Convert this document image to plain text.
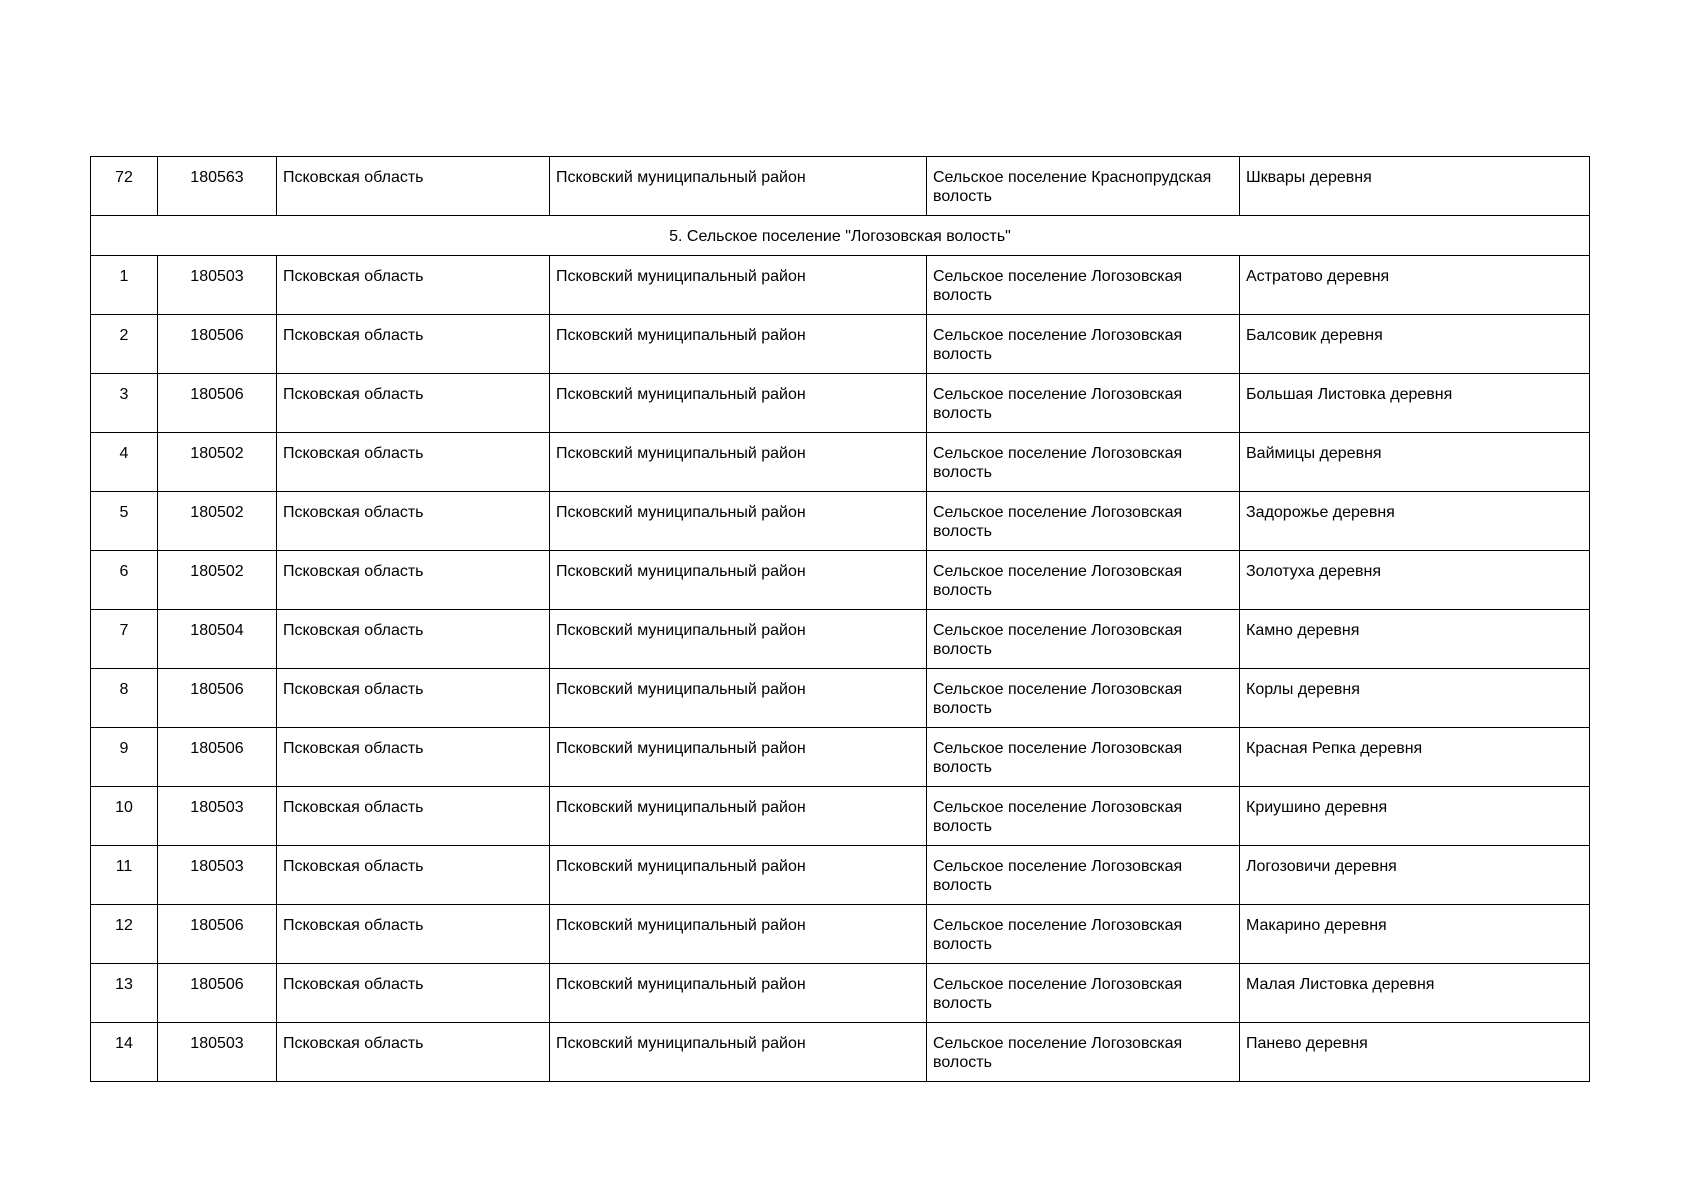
72	180563	Псковская область	Псковский муниципальный район	Сельское поселение Краснопрудская волость	Шквары деревня
5. Сельское поселение "Логозовская волость"					
1	180503	Псковская область	Псковский муниципальный район	Сельское поселение Логозовская волость	Астратово деревня
2	180506	Псковская область	Псковский муниципальный район	Сельское поселение Логозовская волость	Балсовик деревня
3	180506	Псковская область	Псковский муниципальный район	Сельское поселение Логозовская волость	Большая Листовка деревня
4	180502	Псковская область	Псковский муниципальный район	Сельское поселение Логозовская волость	Ваймицы деревня
5	180502	Псковская область	Псковский муниципальный район	Сельское поселение Логозовская волость	Задорожье деревня
6	180502	Псковская область	Псковский муниципальный район	Сельское поселение Логозовская волость	Золотуха деревня
7	180504	Псковская область	Псковский муниципальный район	Сельское поселение Логозовская волость	Камно деревня
8	180506	Псковская область	Псковский муниципальный район	Сельское поселение Логозовская волость	Корлы деревня
9	180506	Псковская область	Псковский муниципальный район	Сельское поселение Логозовская волость	Красная Репка деревня
10	180503	Псковская область	Псковский муниципальный район	Сельское поселение Логозовская волость	Криушино деревня
11	180503	Псковская область	Псковский муниципальный район	Сельское поселение Логозовская волость	Логозовичи деревня
12	180506	Псковская область	Псковский муниципальный район	Сельское поселение Логозовская волость	Макарино деревня
13	180506	Псковская область	Псковский муниципальный район	Сельское поселение Логозовская волость	Малая Листовка деревня
14	180503	Псковская область	Псковский муниципальный район	Сельское поселение Логозовская волость	Панево деревня
